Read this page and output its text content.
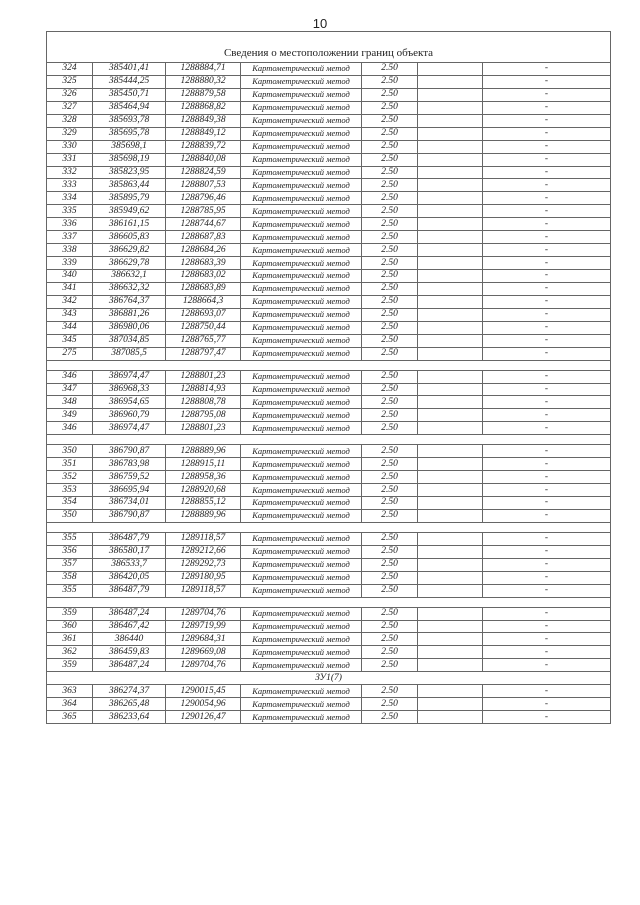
10
Сведения о местоположении границ объекта						
324	385401,41	1288884,71	Картометрический метод	2.50		-
325	385444,25	1288880,32	Картометрический метод	2.50		-
326	385450,71	1288879,58	Картометрический метод	2.50		-
327	385464,94	1288868,82	Картометрический метод	2.50		-
328	385693,78	1288849,38	Картометрический метод	2.50		-
329	385695,78	1288849,12	Картометрический метод	2.50		-
330	385698,1	1288839,72	Картометрический метод	2.50		-
331	385698,19	1288840,08	Картометрический метод	2.50		-
332	385823,95	1288824,59	Картометрический метод	2.50		-
333	385863,44	1288807,53	Картометрический метод	2.50		-
334	385895,79	1288796,46	Картометрический метод	2.50		-
335	385949,62	1288785,95	Картометрический метод	2.50		-
336	386161,15	1288744,67	Картометрический метод	2.50		-
337	386605,83	1288687,83	Картометрический метод	2.50		-
338	386629,82	1288684,26	Картометрический метод	2.50		-
339	386629,78	1288683,39	Картометрический метод	2.50		-
340	386632,1	1288683,02	Картометрический метод	2.50		-
341	386632,32	1288683,89	Картометрический метод	2.50		-
342	386764,37	1288664,3	Картометрический метод	2.50		-
343	386881,26	1288693,07	Картометрический метод	2.50		-
344	386980,06	1288750,44	Картометрический метод	2.50		-
345	387034,85	1288765,77	Картометрический метод	2.50		-
275	387085,5	1288797,47	Картометрический метод	2.50		-

346	386974,47	1288801,23	Картометрический метод	2.50		-
347	386968,33	1288814,93	Картометрический метод	2.50		-
348	386954,65	1288808,78	Картометрический метод	2.50		-
349	386960,79	1288795,08	Картометрический метод	2.50		-
346	386974,47	1288801,23	Картометрический метод	2.50		-

350	386790,87	1288889,96	Картометрический метод	2.50		-
351	386783,98	1288915,11	Картометрический метод	2.50		-
352	386759,52	1288958,36	Картометрический метод	2.50		-
353	386695,94	1288920,68	Картометрический метод	2.50		-
354	386734,01	1288855,12	Картометрический метод	2.50		-
350	386790,87	1288889,96	Картометрический метод	2.50		-

355	386487,79	1289118,57	Картометрический метод	2.50		-
356	386580,17	1289212,66	Картометрический метод	2.50		-
357	386533,7	1289292,73	Картометрический метод	2.50		-
358	386420,05	1289180,95	Картометрический метод	2.50		-
355	386487,79	1289118,57	Картометрический метод	2.50		-

359	386487,24	1289704,76	Картометрический метод	2.50		-
360	386467,42	1289719,99	Картометрический метод	2.50		-
361	386440	1289684,31	Картометрический метод	2.50		-
362	386459,83	1289669,08	Картометрический метод	2.50		-
359	386487,24	1289704,76	Картометрический метод	2.50		-
ЗУ1(7)						
363	386274,37	1290015,45	Картометрический метод	2.50		-
364	386265,48	1290054,96	Картометрический метод	2.50		-
365	386233,64	1290126,47	Картометрический метод	2.50		-
